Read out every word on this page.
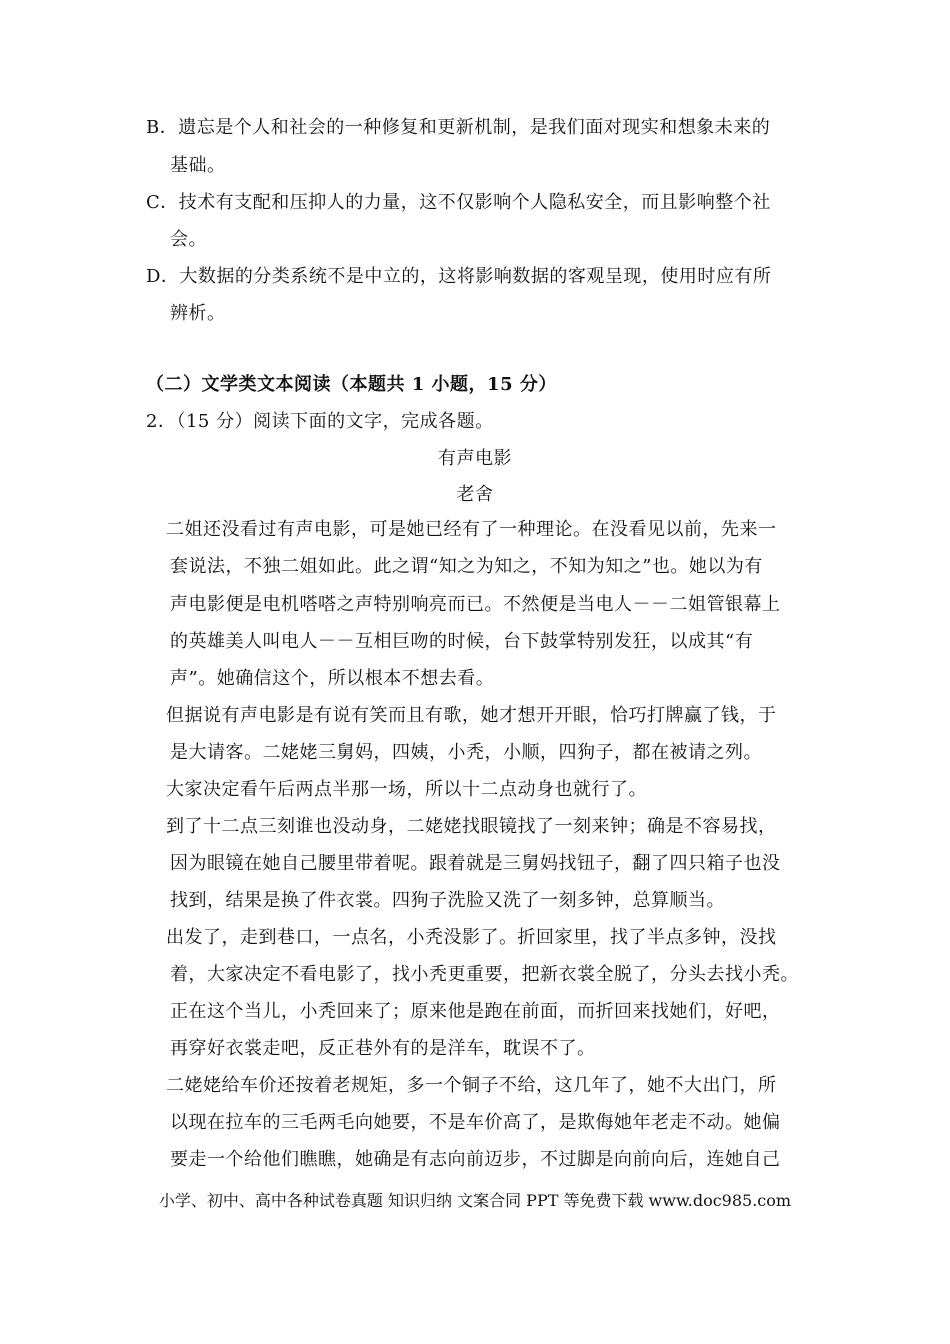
B．遗忘是个人和社会的一种修复和更新机制，是我们面对现实和想象未来的
基础。
C．技术有支配和压抑人的力量，这不仅影响个人隐私安全，而且影响整个社
会。
D．大数据的分类系统不是中立的，这将影响数据的客观呈现，使用时应有所
辨析。
（二）文学类文本阅读（本题共 1 小题，15 分）
2．（15 分）阅读下面的文字，完成各题。
有声电影
老舍
二姐还没看过有声电影，可是她已经有了一种理论。在没看见以前，先来一
套说法，不独二姐如此。此之谓“知之为知之，不知为知之”也。她以为有
声电影便是电机嗒嗒之声特别响亮而已。不然便是当电人－－二姐管银幕上
的英雄美人叫电人－－互相巨吻的时候，台下鼓掌特别发狂，以成其“有
声”。她确信这个，所以根本不想去看。
但据说有声电影是有说有笑而且有歌，她才想开开眼，恰巧打牌赢了钱，于
是大请客。二姥姥三舅妈，四姨，小秃，小顺，四狗子，都在被请之列。
大家决定看午后两点半那一场，所以十二点动身也就行了。
到了十二点三刻谁也没动身，二姥姥找眼镜找了一刻来钟；确是不容易找，
因为眼镜在她自己腰里带着呢。跟着就是三舅妈找钮子，翻了四只箱子也没
找到，结果是换了件衣裳。四狗子洗脸又洗了一刻多钟，总算顺当。
出发了，走到巷口，一点名，小秃没影了。折回家里，找了半点多钟，没找
着，大家决定不看电影了，找小秃更重要，把新衣裳全脱了，分头去找小秃。
正在这个当儿，小秃回来了；原来他是跑在前面，而折回来找她们，好吧，
再穿好衣裳走吧，反正巷外有的是洋车，耽误不了。
二姥姥给车价还按着老规矩，多一个铜子不给，这几年了，她不大出门，所
以现在拉车的三毛两毛向她要，不是车价高了，是欺侮她年老走不动。她偏
要走一个给他们瞧瞧，她确是有志向前迈步，不过脚是向前向后，连她自己
小学、初中、高中各种试卷真题 知识归纳 文案合同 PPT 等免费下载 www.doc985.com
